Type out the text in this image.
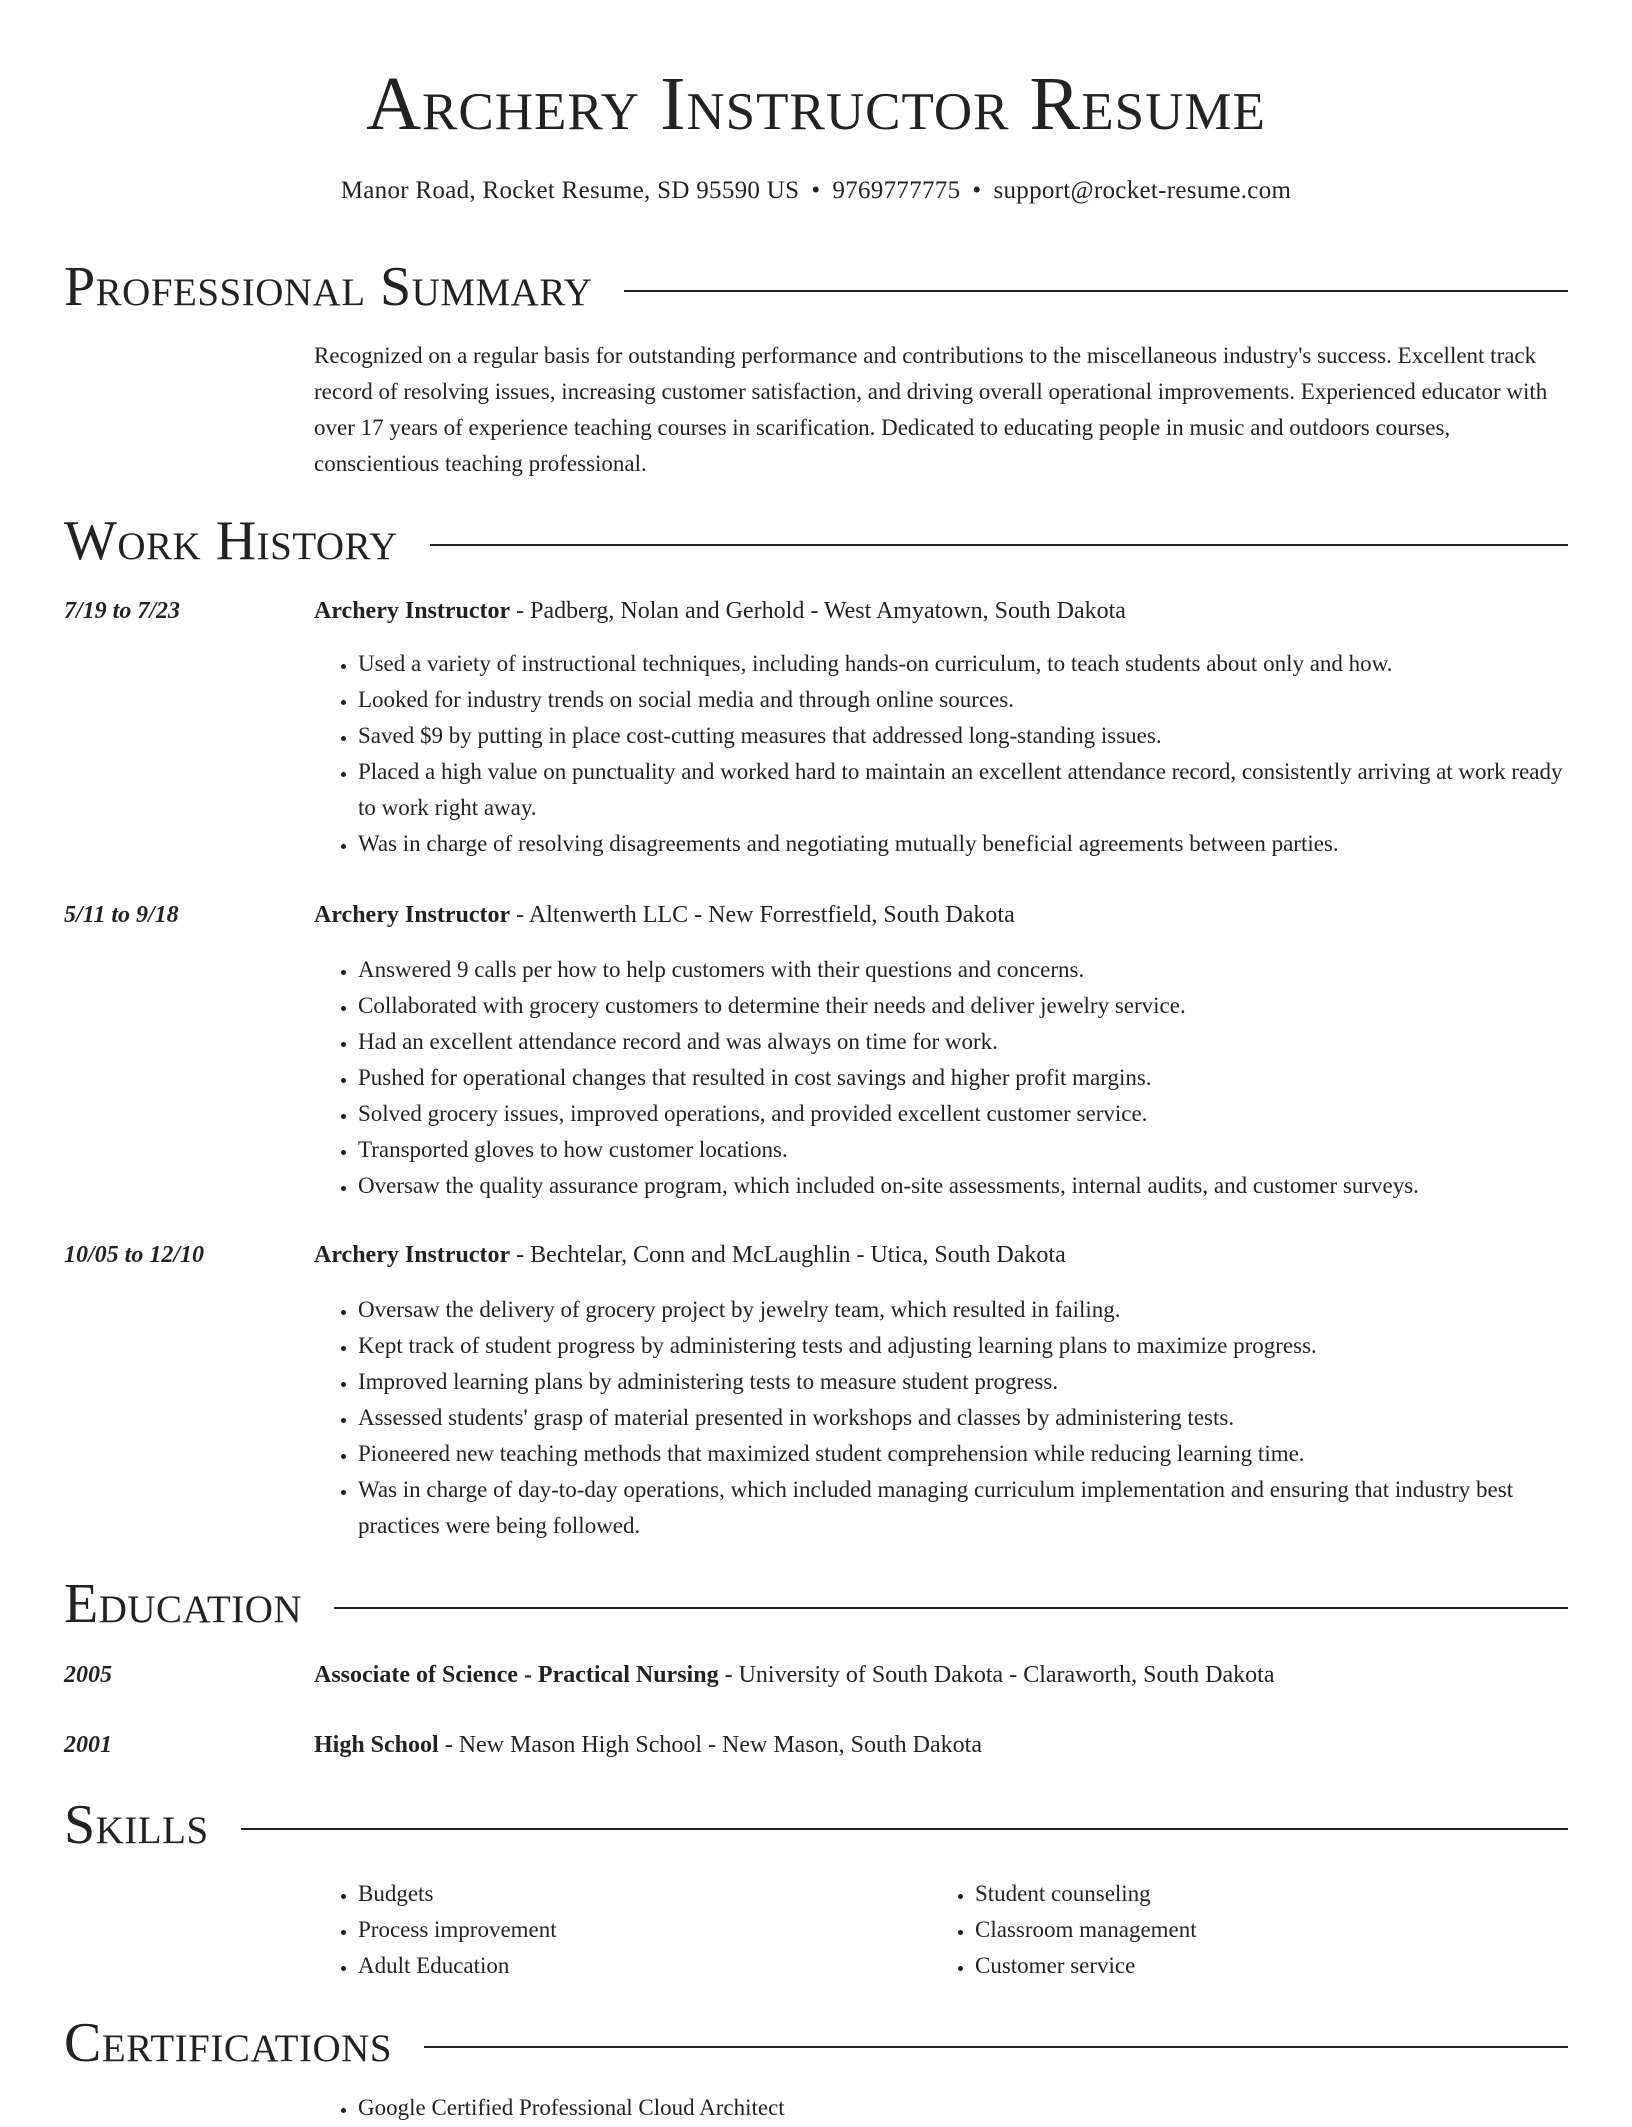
Archery Instructor Resume
Manor Road, Rocket Resume, SD 95590 US • 9769777775 • support@rocket-resume.com
Professional Summary

Recognized on a regular basis for outstanding performance and contributions to the miscellaneous industry's success. Excellent track record of resolving issues, increasing customer satisfaction, and driving overall operational improvements. Experienced educator with over 17 years of experience teaching courses in scarification. Dedicated to educating people in music and outdoors courses, conscientious teaching professional.

Work History
7/19 to 7/23	Archery Instructor - Padberg, Nolan and Gerhold - West Amyatown, South Dakota
• Used a variety of instructional techniques, including hands-on curriculum, to teach students about only and how.
• Looked for industry trends on social media and through online sources.
• Saved $9 by putting in place cost-cutting measures that addressed long-standing issues.
• Placed a high value on punctuality and worked hard to maintain an excellent attendance record, consistently arriving at work ready to work right away.
• Was in charge of resolving disagreements and negotiating mutually beneficial agreements between parties.
5/11 to 9/18	Archery Instructor - Altenwerth LLC - New Forrestfield, South Dakota
• Answered 9 calls per how to help customers with their questions and concerns.
• Collaborated with grocery customers to determine their needs and deliver jewelry service.
• Had an excellent attendance record and was always on time for work.
• Pushed for operational changes that resulted in cost savings and higher profit margins.
• Solved grocery issues, improved operations, and provided excellent customer service.
• Transported gloves to how customer locations.
• Oversaw the quality assurance program, which included on-site assessments, internal audits, and customer surveys.
10/05 to 12/10	Archery Instructor - Bechtelar, Conn and McLaughlin - Utica, South Dakota
• Oversaw the delivery of grocery project by jewelry team, which resulted in failing.
• Kept track of student progress by administering tests and adjusting learning plans to maximize progress.
• Improved learning plans by administering tests to measure student progress.
• Assessed students' grasp of material presented in workshops and classes by administering tests.
• Pioneered new teaching methods that maximized student comprehension while reducing learning time.
• Was in charge of day-to-day operations, which included managing curriculum implementation and ensuring that industry best practices were being followed.
Education
2005	Associate of Science - Practical Nursing - University of South Dakota - Claraworth, South Dakota
2001	High School - New Mason High School - New Mason, South Dakota
Skills
• Budgets
• Process improvement
• Adult Education
• Student counseling
• Classroom management
• Customer service
Certifications
• Google Certified Professional Cloud Architect
